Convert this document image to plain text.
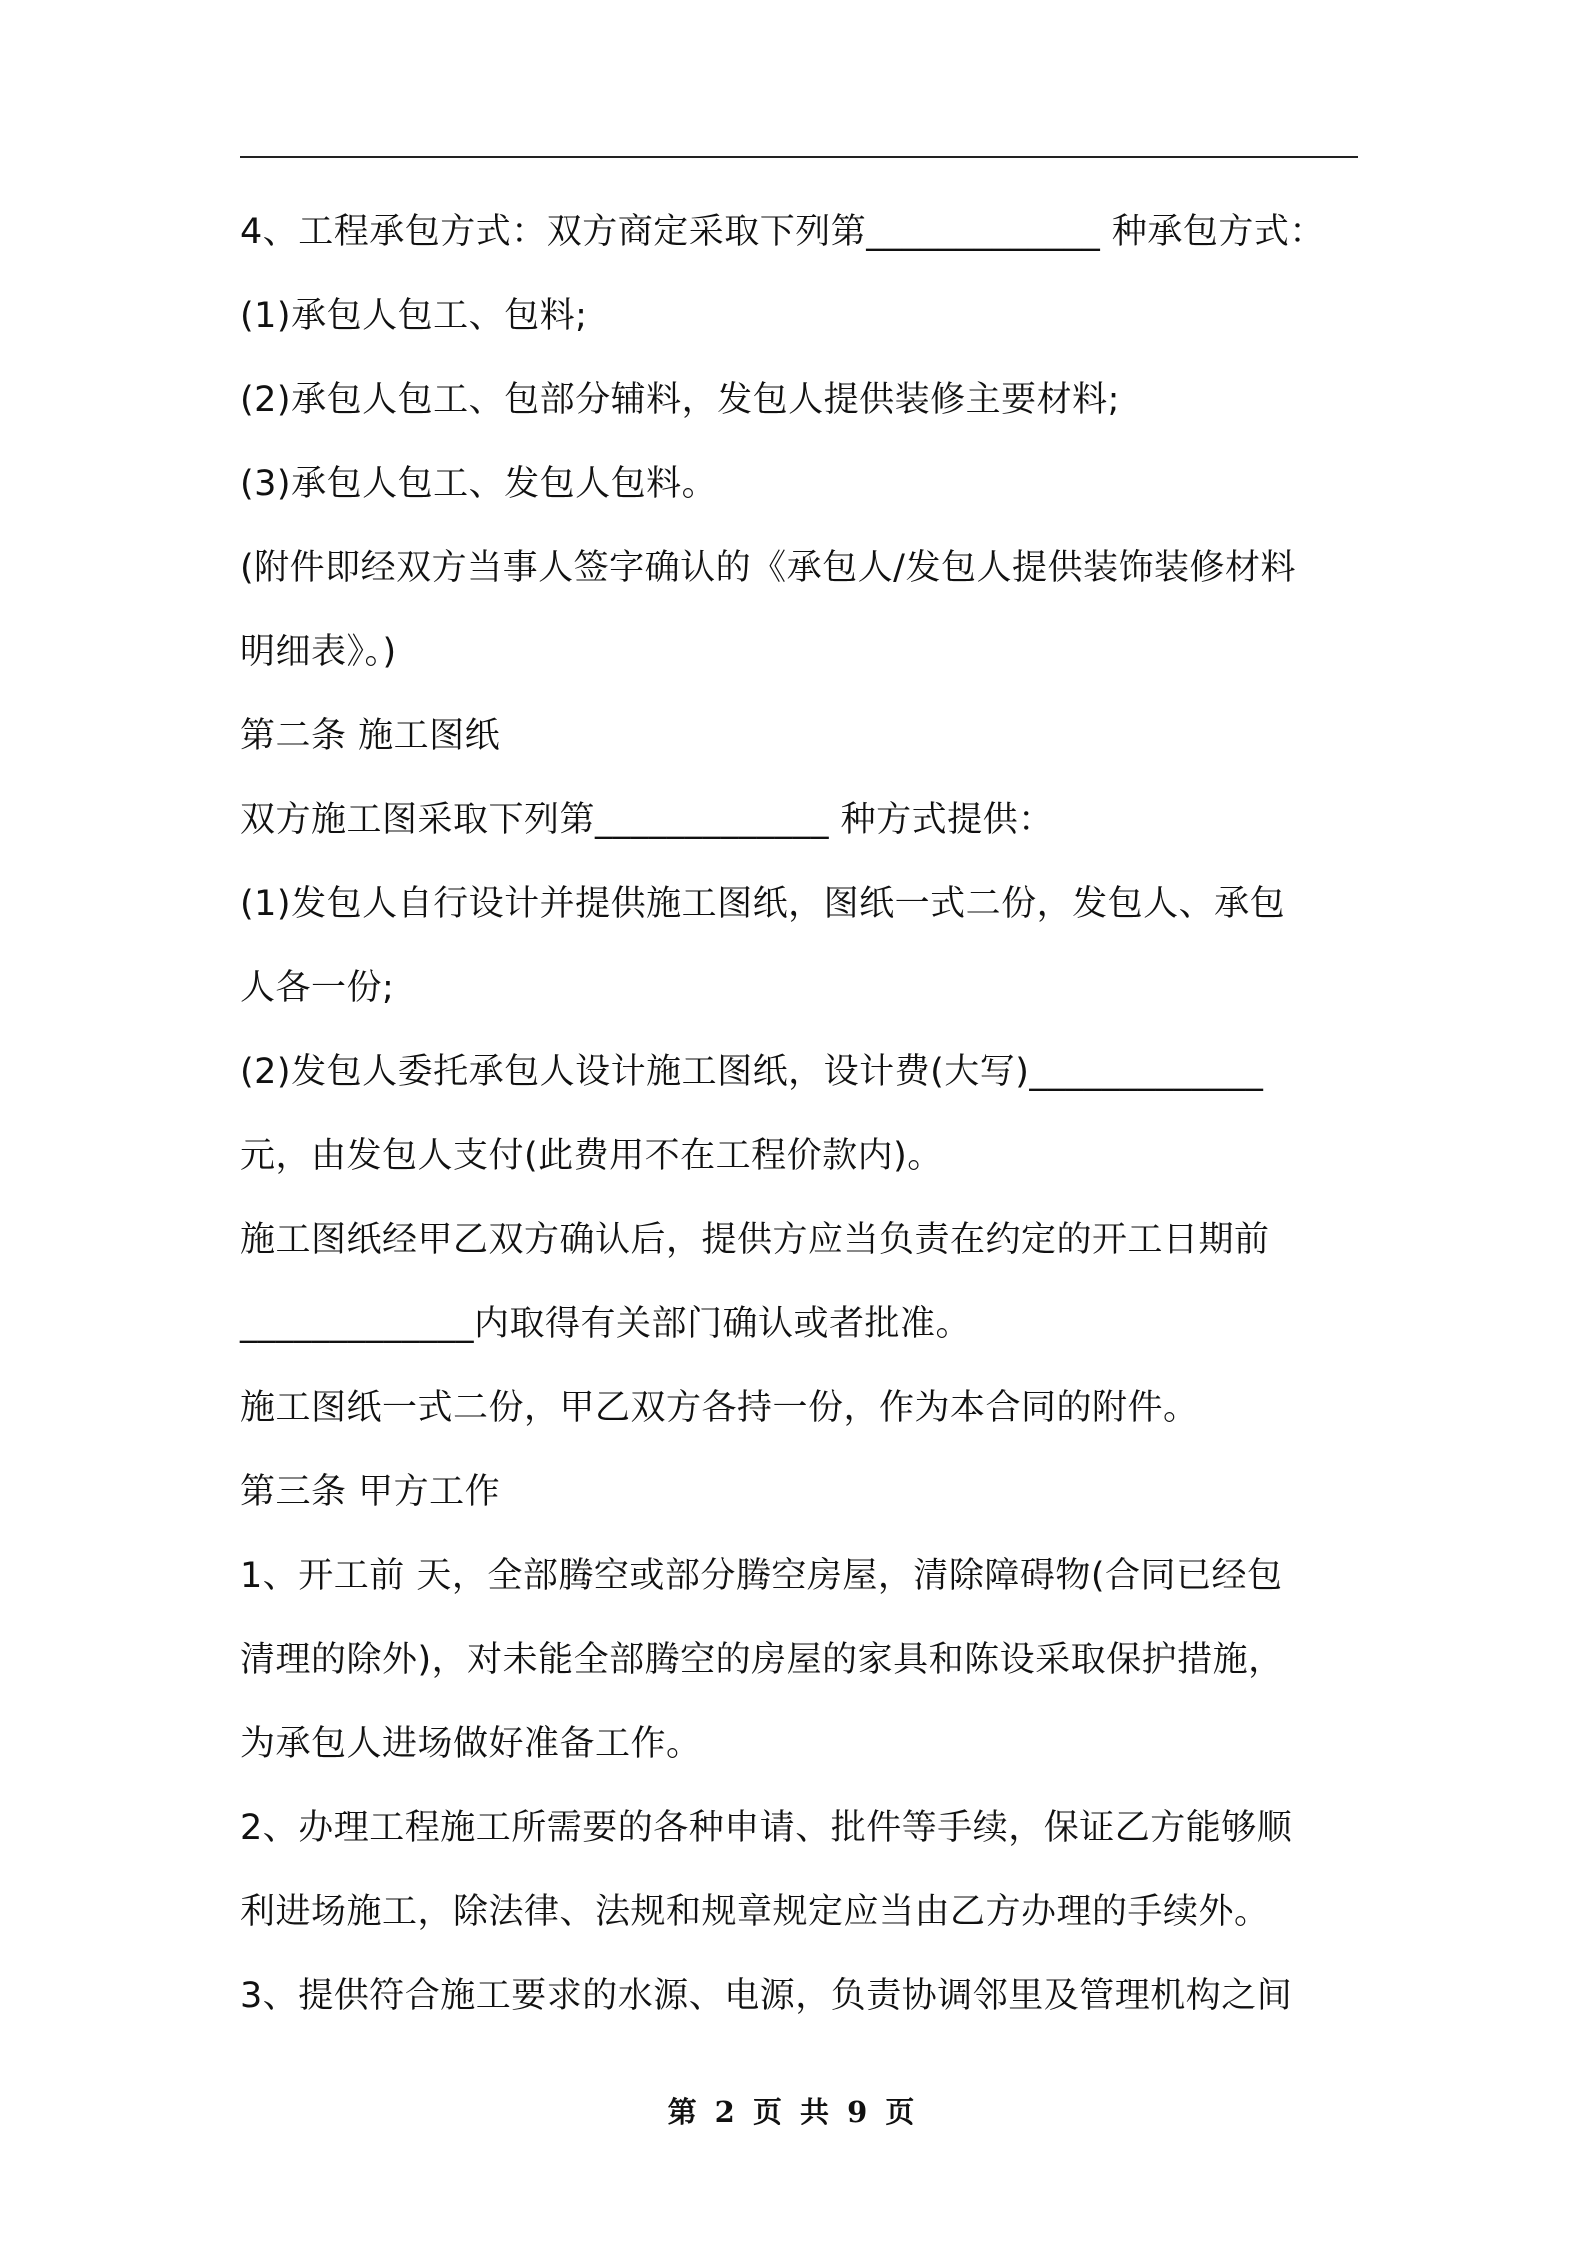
4、工程承包方式：双方商定采取下列第_____________ 种承包方式：
(1)承包人包工、包料;
(2)承包人包工、包部分辅料，发包人提供装修主要材料;
(3)承包人包工、发包人包料。
(附件即经双方当事人签字确认的《承包人/发包人提供装饰装修材料
明细表》。)
第二条 施工图纸
双方施工图采取下列第_____________ 种方式提供：
(1)发包人自行设计并提供施工图纸，图纸一式二份，发包人、承包
人各一份;
(2)发包人委托承包人设计施工图纸，设计费(大写)_____________
元，由发包人支付(此费用不在工程价款内)。
施工图纸经甲乙双方确认后，提供方应当负责在约定的开工日期前
_____________内取得有关部门确认或者批准。
施工图纸一式二份，甲乙双方各持一份，作为本合同的附件。
第三条 甲方工作
1、开工前 天，全部腾空或部分腾空房屋，清除障碍物(合同已经包
清理的除外)，对未能全部腾空的房屋的家具和陈设采取保护措施，
为承包人进场做好准备工作。
2、办理工程施工所需要的各种申请、批件等手续，保证乙方能够顺
利进场施工，除法律、法规和规章规定应当由乙方办理的手续外。
3、提供符合施工要求的水源、电源，负责协调邻里及管理机构之间
第 2 页 共 9 页
